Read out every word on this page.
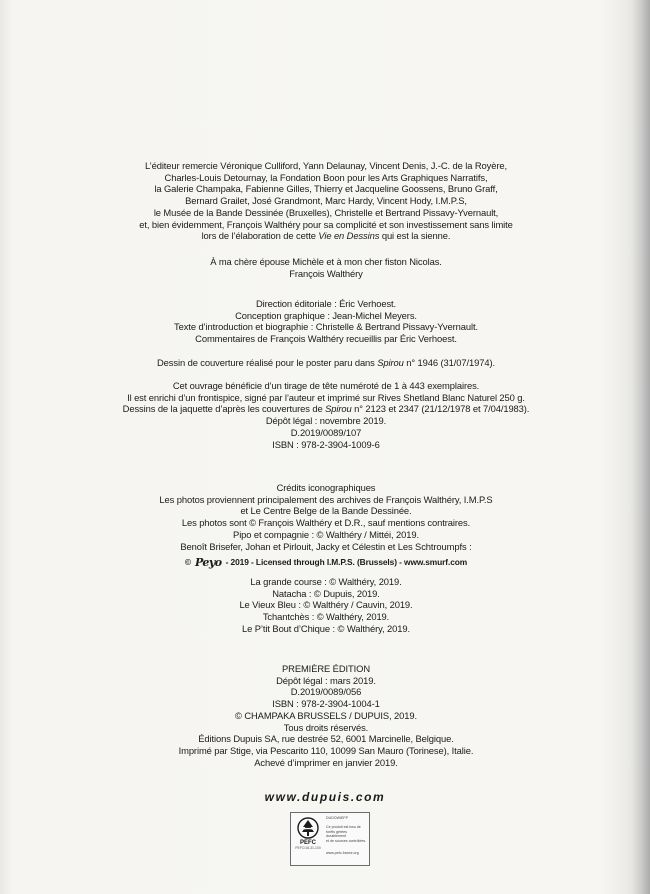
L’éditeur remercie Véronique Culliford, Yann Delaunay, Vincent Denis, J.-C. de la Royère,
Charles-Louis Detournay, la Fondation Boon pour les Arts Graphiques Narratifs,
la Galerie Champaka, Fabienne Gilles, Thierry et Jacqueline Goossens, Bruno Graff,
Bernard Grailet, José Grandmont, Marc Hardy, Vincent Hody, I.M.P.S,
le Musée de la Bande Dessinée (Bruxelles), Christelle et Bertrand Pissavy-Yvernault,
et, bien évidemment, François Walthéry pour sa complicité et son investissement sans limite
lors de l’élaboration de cette Vie en Dessins qui est la sienne.
À ma chère épouse Michèle et à mon cher fiston Nicolas.
François Walthéry
Direction éditoriale : Éric Verhoest.
Conception graphique : Jean-Michel Meyers.
Texte d’introduction et biographie : Christelle & Bertrand Pissavy-Yvernault.
Commentaires de François Walthéry recueillis par Éric Verhoest.
Dessin de couverture réalisé pour le poster paru dans Spirou n° 1946 (31/07/1974).
Cet ouvrage bénéficie d’un tirage de tête numéroté de 1 à 443 exemplaires.
Il est enrichi d’un frontispice, signé par l’auteur et imprimé sur Rives Shetland Blanc Naturel 250 g.
Dessins de la jaquette d’après les couvertures de Spirou n° 2123 et 2347 (21/12/1978 et 7/04/1983).
Dépôt légal : novembre 2019.
D.2019/0089/107
ISBN : 978-2-3904-1009-6
Crédits iconographiques
Les photos proviennent principalement des archives de François Walthéry, I.M.P.S
et Le Centre Belge de la Bande Dessinée.
Les photos sont © François Walthéry et D.R., sauf mentions contraires.
Pipo et compagnie : © Walthéry / Mittéi, 2019.
Benoît Brisefer, Johan et Pirlouit, Jacky et Célestin et Les Schtroumpfs :
© Peyo - 2019 - Licensed through I.M.P.S. (Brussels) - www.smurf.com
La grande course : © Walthéry, 2019.
Natacha : © Dupuis, 2019.
Le Vieux Bleu : © Walthéry / Cauvin, 2019.
Tchantchès : © Walthéry, 2019.
Le P’tit Bout d’Chique : © Walthéry, 2019.
PREMIÈRE ÉDITION
Dépôt légal : mars 2019.
D.2019/0089/056
ISBN : 978-2-3904-1004-1
© CHAMPAKA BRUSSELS / DUPUIS, 2019.
Tous droits réservés.
Éditions Dupuis SA, rue destrée 52, 6001 Marcinelle, Belgique.
Imprimé par Stige, via Pescarito 110, 10099 San Mauro (Torinese), Italie.
Achevé d’imprimer en janvier 2019.
www.dupuis.com
PEFC
PEFC/18-31-100
DUDOWIEFP
Ce produit est issu de
forêts gérées durablement
et de sources contrôlées.
www.pefc-france.org
